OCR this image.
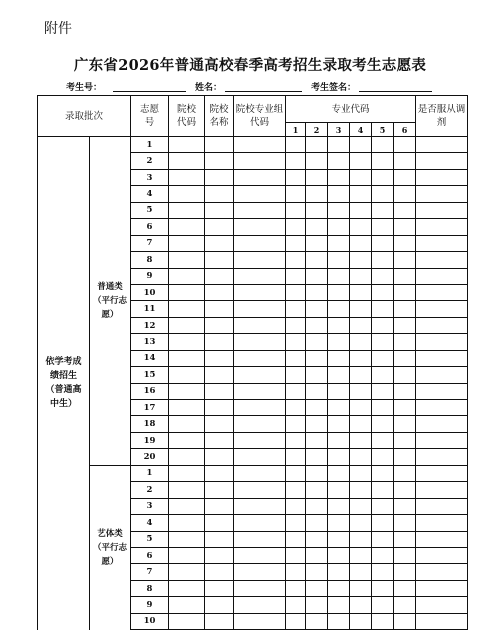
附件
广东省2026年普通高校春季高考招生录取考生志愿表
考生号：	姓名：	考生签名：
录取批次		志愿号	院校代码	院校名称	院校专业组代码	专业代码						是否服从调剂

						1	2	3	4	5	6	

依学考成绩招生（普通高中生）	普通类（平行志愿）	1										
		2										
		3										
		4										
		5										
		6										
		7										
		8										
		9										
		10										
		11										
		12										
		13										
		14										
		15										
		16										
		17										
		18										
		19										
		20										

	艺体类（平行志愿）	1										
		2										
		3										
		4										
		5										
		6										
		7										
		8										
		9										
		10										
